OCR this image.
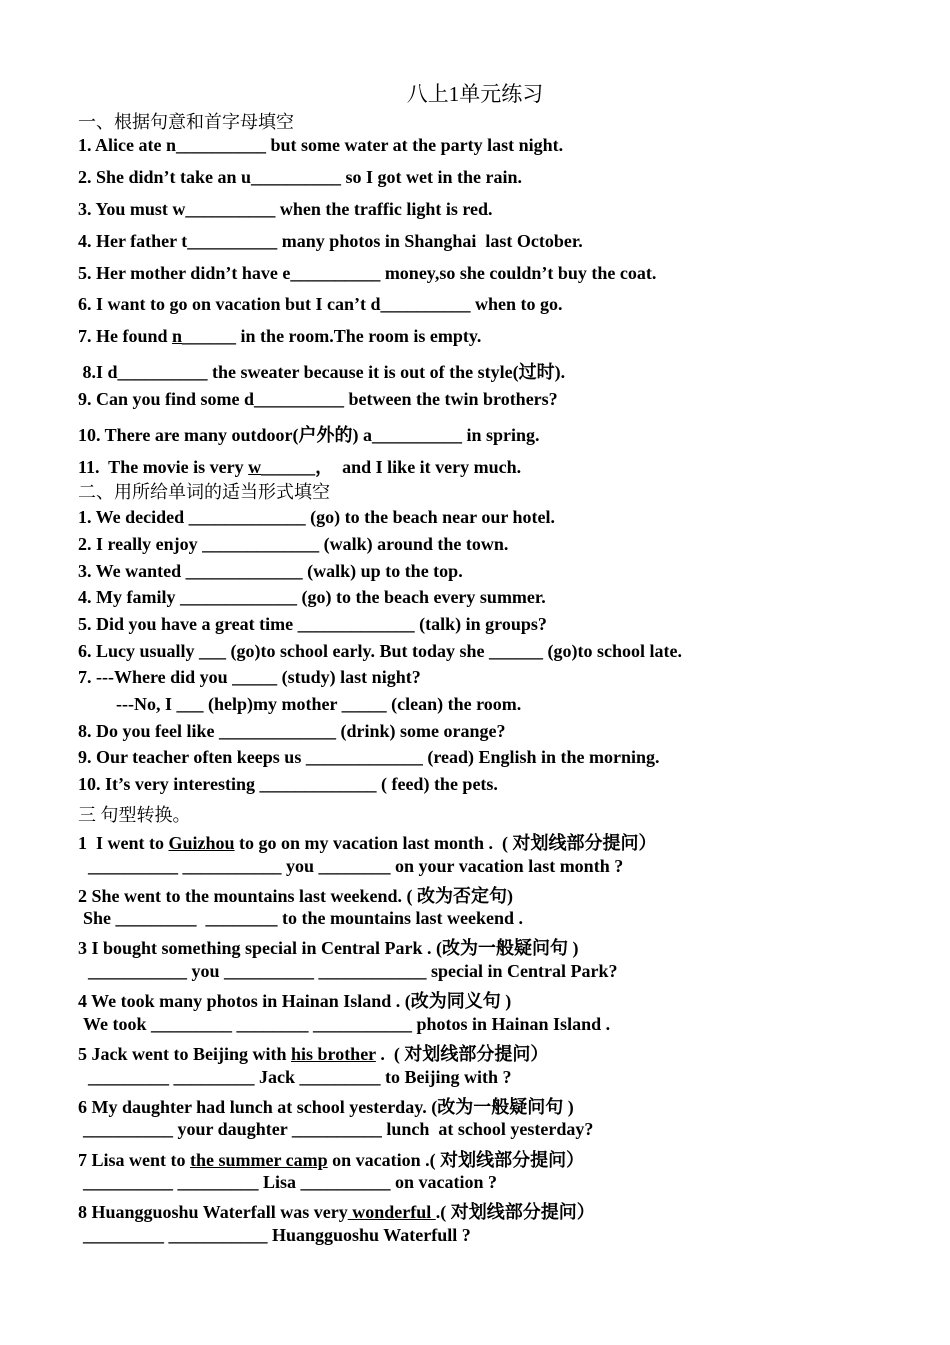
八上1单元练习
一、根据句意和首字母填空
1. Alice ate n__________ but some water at the party last night.
2. She didn’t take an u__________ so I got wet in the rain.
3. You must w__________ when the traffic light is red.
4. Her father t__________ many photos in Shanghai  last October.
5. Her mother didn’t have e__________ money,so she couldn’t buy the coat.
6. I want to go on vacation but I can’t d__________ when to go.
7. He found n______ in the room.The room is empty.
8.I d__________ the sweater because it is out of the style(过时).
9. Can you find some d__________ between the twin brothers?
10. There are many outdoor(户外的) a__________ in spring.
11.  The movie is very w______，  and I like it very much.
二、用所给单词的适当形式填空
1. We decided _____________ (go) to the beach near our hotel.
2. I really enjoy _____________ (walk) around the town.
3. We wanted _____________ (walk) up to the top.
4. My family _____________ (go) to the beach every summer.
5. Did you have a great time _____________ (talk) in groups?
6. Lucy usually ___ (go)to school early. But today she ______ (go)to school late.
7. ---Where did you _____ (study) last night?
---No, I ___ (help)my mother _____ (clean) the room.
8. Do you feel like _____________ (drink) some orange?
9. Our teacher often keeps us _____________ (read) English in the morning.
10. It’s very interesting _____________ ( feed) the pets.
三 句型转换。
1  I went to Guizhou to go on my vacation last month .  ( 对划线部分提问）
__________ ___________ you ________ on your vacation last month ?
2 She went to the mountains last weekend. ( 改为否定句)
She _________  ________ to the mountains last weekend .
3 I bought something special in Central Park . (改为一般疑问句 )
___________ you __________ ____________ special in Central Park?
4 We took many photos in Hainan Island . (改为同义句 )
We took _________ ________ ___________ photos in Hainan Island .
5 Jack went to Beijing with his brother .  ( 对划线部分提问）
_________ _________ Jack _________ to Beijing with ?
6 My daughter had lunch at school yesterday. (改为一般疑问句 )
__________ your daughter __________ lunch  at school yesterday?
7 Lisa went to the summer camp on vacation .( 对划线部分提问）
__________ _________ Lisa __________ on vacation ?
8 Huangguoshu Waterfall was very wonderful .( 对划线部分提问）
_________ ___________ Huangguoshu Waterfull ?
